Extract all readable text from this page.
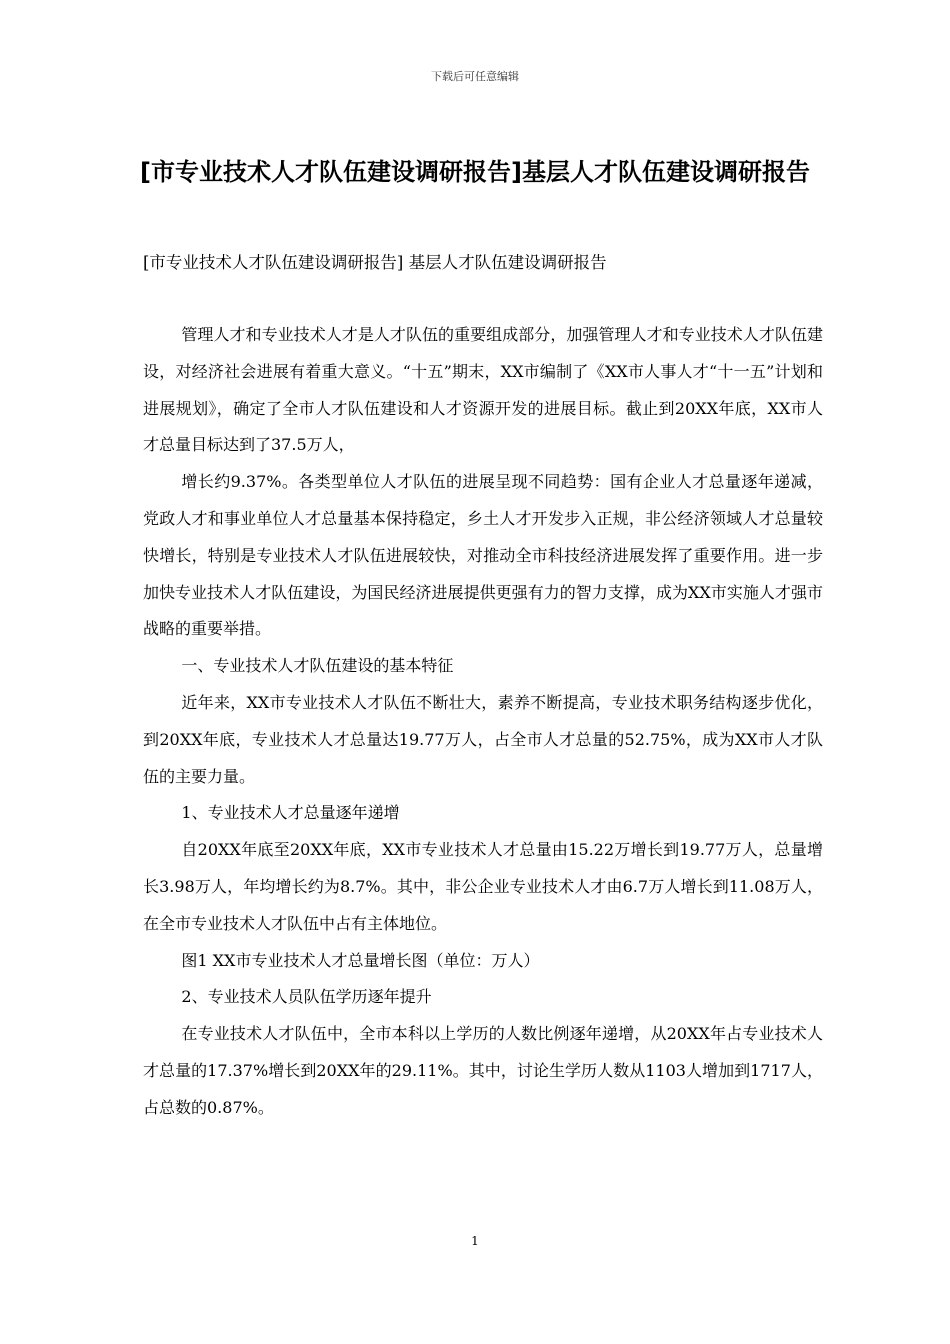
下载后可任意编辑
[市专业技术人才队伍建设调研报告]基层人才队伍建设调研报告
[市专业技术人才队伍建设调研报告] 基层人才队伍建设调研报告

管理人才和专业技术人才是人才队伍的重要组成部分，加强管理人才和专业技术人才队伍建设，对经济社会进展有着重大意义。“十五”期末，XX市编制了《XX市人事人才“十一五”计划和进展规划》，确定了全市人才队伍建设和人才资源开发的进展目标。截止到20XX年底，XX市人才总量目标达到了37.5万人，

增长约9.37%。各类型单位人才队伍的进展呈现不同趋势：国有企业人才总量逐年递减，党政人才和事业单位人才总量基本保持稳定，乡土人才开发步入正规，非公经济领域人才总量较快增长，特别是专业技术人才队伍进展较快，对推动全市科技经济进展发挥了重要作用。进一步加快专业技术人才队伍建设，为国民经济进展提供更强有力的智力支撑，成为XX市实施人才强市战略的重要举措。

一、专业技术人才队伍建设的基本特征

近年来，XX市专业技术人才队伍不断壮大，素养不断提高，专业技术职务结构逐步优化，到20XX年底，专业技术人才总量达19.77万人，占全市人才总量的52.75%，成为XX市人才队伍的主要力量。

1、专业技术人才总量逐年递增

自20XX年底至20XX年底，XX市专业技术人才总量由15.22万增长到19.77万人，总量增长3.98万人，年均增长约为8.7%。其中，非公企业专业技术人才由6.7万人增长到11.08万人，在全市专业技术人才队伍中占有主体地位。

图1 XX市专业技术人才总量增长图（单位：万人）

2、专业技术人员队伍学历逐年提升

在专业技术人才队伍中，全市本科以上学历的人数比例逐年递增，从20XX年占专业技术人才总量的17.37%增长到20XX年的29.11%。其中，讨论生学历人数从1103人增加到1717人，占总数的0.87%。

1
